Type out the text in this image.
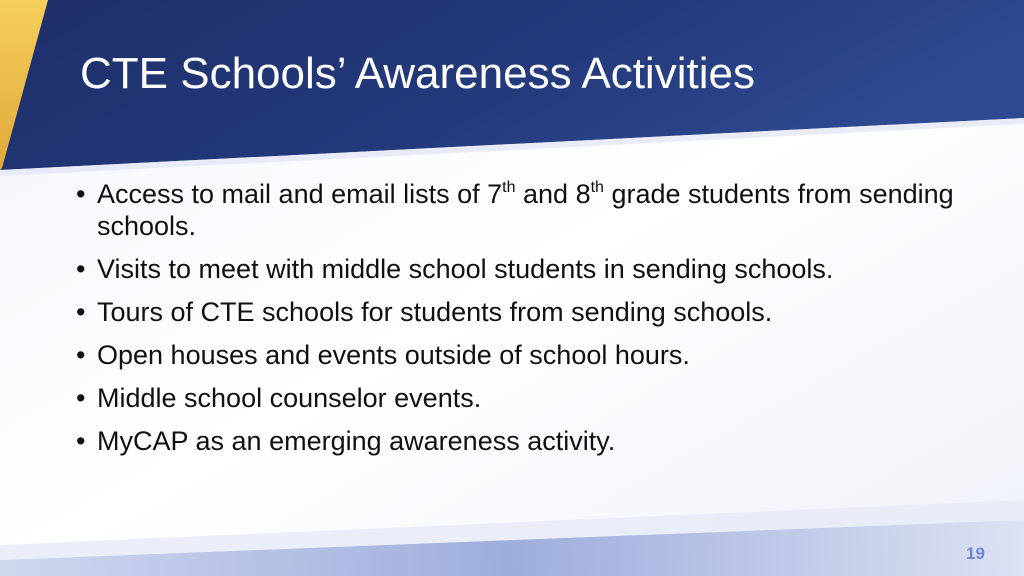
CTE Schools’ Awareness Activities
• Access to mail and email lists of 7th and 8th grade students from sending schools.
• Visits to meet with middle school students in sending schools.
• Tours of CTE schools for students from sending schools.
• Open houses and events outside of school hours.
• Middle school counselor events.
• MyCAP as an emerging awareness activity.
19
